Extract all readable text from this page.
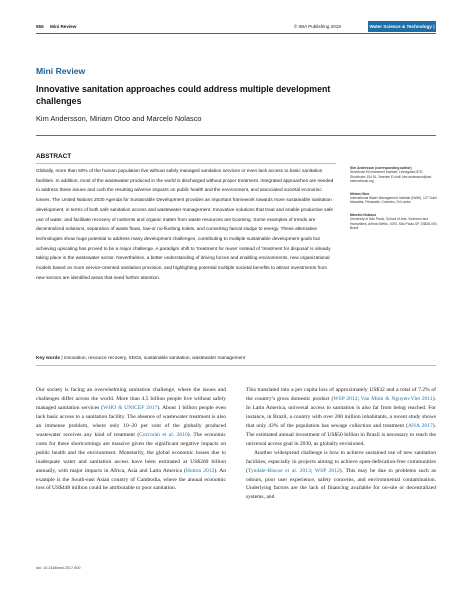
555 Mini Review	© IWA Publishing 2018	Water Science & Technology | 77.4 | 2018
Mini Review
Innovative sanitation approaches could address multiple development challenges
Kim Andersson, Miriam Otoo and Marcelo Nolasco
ABSTRACT
Globally, more than 60% of the human population live without safely managed sanitation services or even lack access to basic sanitation facilities. In addition, most of the wastewater produced in the world is discharged without proper treatment. Integrated approaches are needed to address these issues and curb the resulting adverse impacts on public health and the environment, and associated societal economic losses. The United Nations 2030 Agenda for Sustainable Development provides an important framework towards more sustainable sanitation development, in terms of both safe sanitation access and wastewater management. Innovative solutions that treat and enable productive safe use of water, and facilitate recovery of nutrients and organic matter from waste resources are booming. Some examples of trends are decentralized solutions, separation of waste flows, low-or no-flushing toilets, and converting faecal sludge to energy. These alternative technologies show huge potential to address many development challenges, contributing to multiple sustainable development goals but achieving upscaling has proved to be a major challenge. A paradigm shift to ‘treatment for reuse’ instead of ‘treatment for disposal’ is already taking place in the wastewater sector. Nevertheless, a better understanding of driving forces and enabling environments, new organizational models based on more service-oriented sanitation provision, and highlighting potential multiple societal benefits to attract investments from new sectors are identified areas that need further attention.
Key words | innovation, resource recovery, SDGs, sustainable sanitation, wastewater management
Kim Andersson (corresponding author)
Stockholm Environment Institute, Linnégatan 87D, Stockholm 104 51, Sweden E-mail: kim.andersson@sei-international.org
Miriam Otoo
International Water Management Institute (IWMI), 127 Sunil Mawatha, Pelawatte, Colombo, Sri Lanka
Marcelo Nolasco
University of São Paulo, School of Arts, Sciences and Humanities, Arlindo Béttio, 1000, São Paulo-SP, 03828-000, Brazil

Our society is facing an overwhelming sanitation challenge, where the issues and challenges differ across the world. More than 4.5 billion people live without safely managed sanitation services (WHO & UNICEF 2017). About 1 billion people even lack basic access to a sanitation facility. The absence of wastewater treatment is also an immense problem, where only 10–20 per cent of the globally produced wastewater receives any kind of treatment (Corcoran et al. 2010). The economic costs for these shortcomings are massive given the significant negative impacts on public health and the environment. Monetarily, the global economic losses due to inadequate water and sanitation access have been estimated at US$260 billion annually, with major impacts in Africa, Asia and Latin America (Hutton 2012). An example is the South-east Asian country of Cambodia, where the annual economic loss of US$448 million could be attributable to poor sanitation.

This translated into a per capita loss of approximately US$32 and a total of 7.2% of the country’s gross domestic product (WSP 2012; Van Minh & Nguyen-Viet 2011). In Latin America, universal access to sanitation is also far from being reached. For instance, in Brazil, a country with over 200 million inhabitants, a recent study shows that only 43% of the population has sewage collection and treatment (ANA 2017). The estimated annual investment of US$50 billion in Brazil is necessary to reach the universal access goal in 2030, as globally envisioned.

Another widespread challenge is how to achieve sustained use of new sanitation facilities, especially in projects aiming to achieve open-defecation-free communities (Tyndale-Biscoe et al. 2013; WSP 2012). This may be due to problems such as odours, poor user experience, safety concerns, and environmental contamination. Underlying factors are the lack of financing available for on-site or decentralized systems, and

doi: 10.2166/wst.2017.600
